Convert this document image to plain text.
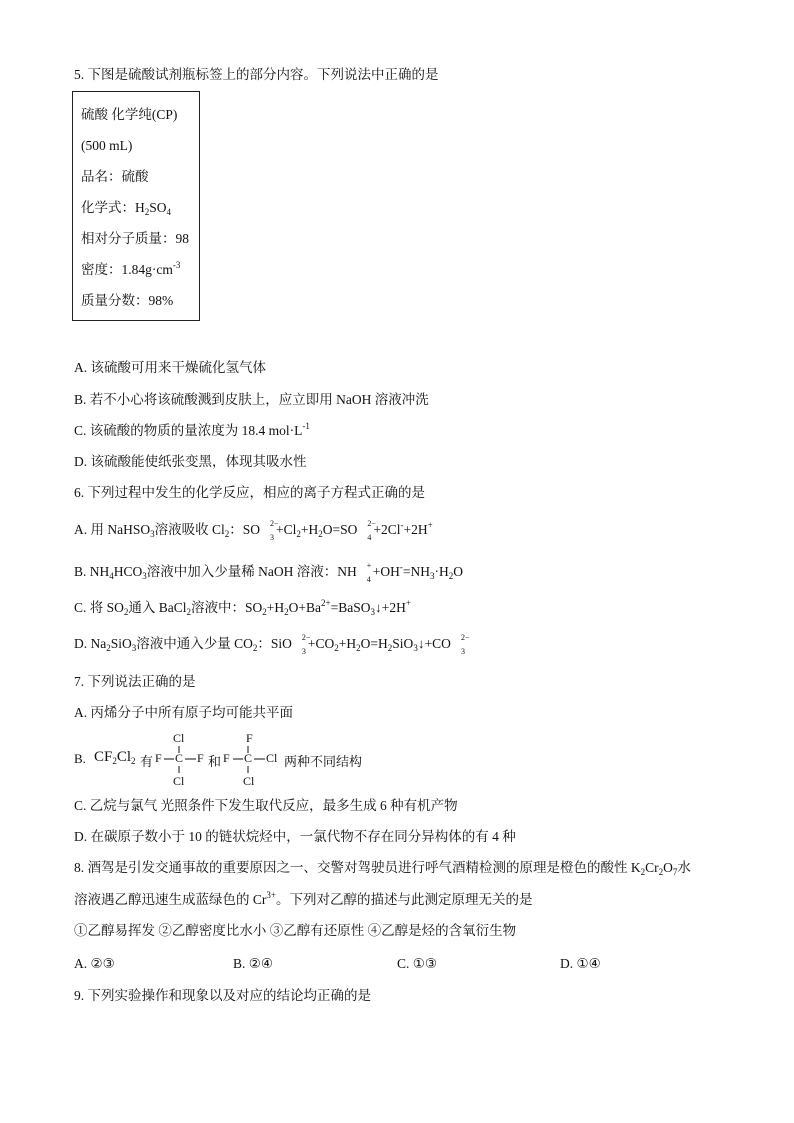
5. 下图是硫酸试剂瓶标签上的部分内容。下列说法中正确的是
硫酸 化学纯(CP)
(500 mL)
品名：硫酸
化学式：$H_2SO_4$
相对分子质量：98
密度：$1.84g\cdot cm^{-3}$
质量分数：98%
A. 该硫酸可用来干燥硫化氢气体
B. 若不小心将该硫酸溅到皮肤上，应立即用 NaOH 溶液冲洗
C. 该硫酸的物质的量浓度为 18.4 $mol\cdot L^{-1}$
D. 该硫酸能使纸张变黑，体现其吸水性
6. 下列过程中发生的化学反应，相应的离子方程式正确的是
A. 用 NaHSO$_3$溶液吸收 $Cl_2$：SO 2−
3
$+Cl_2+H_2O=SO$ 2−
4
+2Cl-+2H+
B. $NH_4HCO_3$溶液中加入少量稀 NaOH 溶液：NH +
4
$+OH^-=NH_3\cdot H_2O$
C. 将 $SO_2$通入 BaCl$_2$溶液中：$SO_2+H_2O+Ba^{2+}=BaSO_3↓+2H^+$
D. $Na_2SiO_3$溶液中通入少量 $CO_2$：SiO 2−
3
$+CO_2+H_2O=H_2SiO_3↓+CO$ 2−
3
7. 下列说法正确的是
A. 丙烯分子中所有原子均可能共平面
B. $CF_2Cl_2$ 有
Cl
F C F
Cl
和
F
F C Cl
Cl
两种不同结构
C. 乙烷与氯气 光照条件下发生取代反应，最多生成 6 种有机产物
D. 在碳原子数小于 10 的链状烷烃中，一氯代物不存在同分异构体的有 4 种
8. 酒驾是引发交通事故的重要原因之一、交警对驾驶员进行呼气酒精检测的原理是橙色的酸性 $K_2Cr_2O_7$水
溶液遇乙醇迅速生成蓝绿色的 $Cr^{3+}$。下列对乙醇的描述与此测定原理无关的是
①乙醇易挥发 ②乙醇密度比水小 ③乙醇有还原性 ④乙醇是烃的含氧衍生物
A. ②③	B. ②④	C. ①③	D. ①④
9. 下列实验操作和现象以及对应的结论均正确的是
